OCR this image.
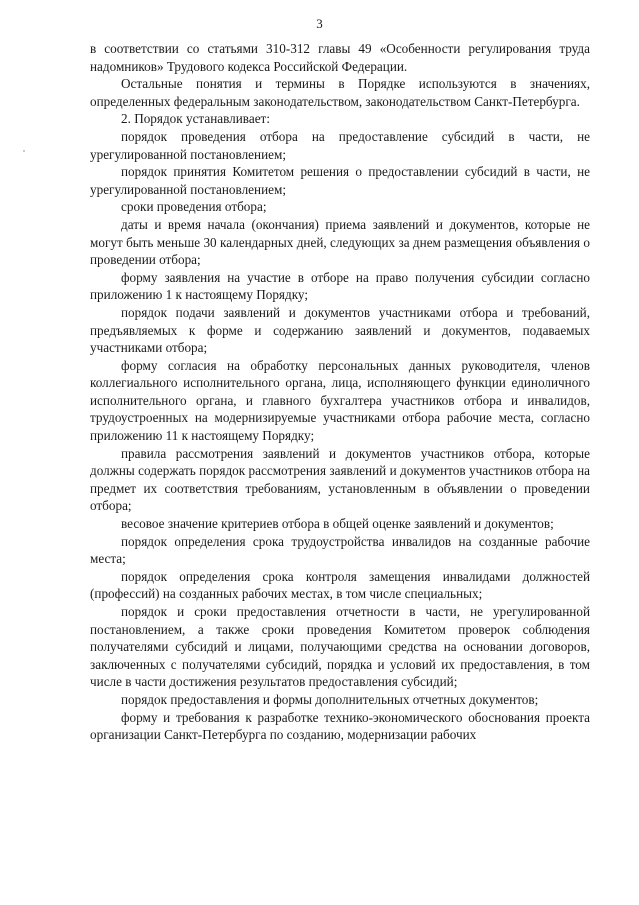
3

в соответствии со статьями 310-312 главы 49 «Особенности регулирования труда надомников» Трудового кодекса Российской Федерации.

Остальные понятия и термины в Порядке используются в значениях, определенных федеральным законодательством, законодательством Санкт-Петербурга.

2. Порядок устанавливает:

порядок проведения отбора на предоставление субсидий в части, не урегулированной постановлением;

порядок принятия Комитетом решения о предоставлении субсидий в части, не урегулированной постановлением;

сроки проведения отбора;

даты и время начала (окончания) приема заявлений и документов, которые не могут быть меньше 30 календарных дней, следующих за днем размещения объявления о проведении отбора;

форму заявления на участие в отборе на право получения субсидии согласно приложению 1 к настоящему Порядку;

порядок подачи заявлений и документов участниками отбора и требований, предъявляемых к форме и содержанию заявлений и документов, подаваемых участниками отбора;

форму согласия на обработку персональных данных руководителя, членов коллегиального исполнительного органа, лица, исполняющего функции единоличного исполнительного органа, и главного бухгалтера участников отбора и инвалидов, трудоустроенных на модернизируемые участниками отбора рабочие места, согласно приложению 11 к настоящему Порядку;

правила рассмотрения заявлений и документов участников отбора, которые должны содержать порядок рассмотрения заявлений и документов участников отбора на предмет их соответствия требованиям, установленным в объявлении о проведении отбора;

весовое значение критериев отбора в общей оценке заявлений и документов;

порядок определения срока трудоустройства инвалидов на созданные рабочие места;

порядок определения срока контроля замещения инвалидами должностей (профессий) на созданных рабочих местах, в том числе специальных;

порядок и сроки предоставления отчетности в части, не урегулированной постановлением, а также сроки проведения Комитетом проверок соблюдения получателями субсидий и лицами, получающими средства на основании договоров, заключенных с получателями субсидий, порядка и условий их предоставления, в том числе в части достижения результатов предоставления субсидий;

порядок предоставления и формы дополнительных отчетных документов;

форму и требования к разработке технико-экономического обоснования проекта организации Санкт-Петербурга по созданию, модернизации рабочих
